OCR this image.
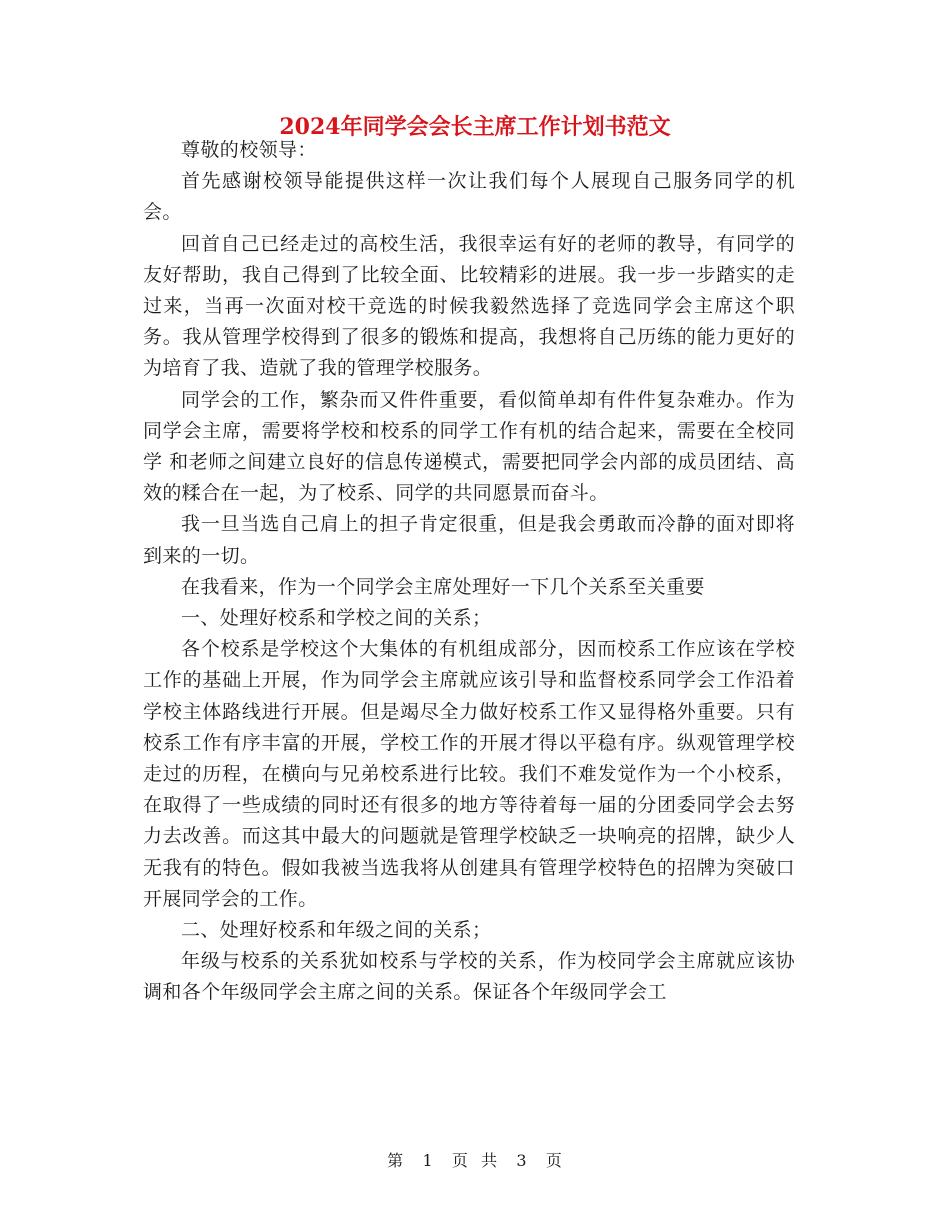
2024年同学会会长主席工作计划书范文

尊敬的校领导：

首先感谢校领导能提供这样一次让我们每个人展现自己服务同学的机会。

回首自己已经走过的高校生活，我很幸运有好的老师的教导，有同学的友好帮助，我自己得到了比较全面、比较精彩的进展。我一步一步踏实的走过来，当再一次面对校干竞选的时候我毅然选择了竞选同学会主席这个职务。我从管理学校得到了很多的锻炼和提高，我想将自己历练的能力更好的为培育了我、造就了我的管理学校服务。

同学会的工作，繁杂而又件件重要，看似简单却有件件复杂难办。作为同学会主席，需要将学校和校系的同学工作有机的结合起来，需要在全校同学 和老师之间建立良好的信息传递模式，需要把同学会内部的成员团结、高效的糅合在一起，为了校系、同学的共同愿景而奋斗。

我一旦当选自己肩上的担子肯定很重，但是我会勇敢而冷静的面对即将到来的一切。

在我看来，作为一个同学会主席处理好一下几个关系至关重要

一、处理好校系和学校之间的关系；

各个校系是学校这个大集体的有机组成部分，因而校系工作应该在学校工作的基础上开展，作为同学会主席就应该引导和监督校系同学会工作沿着学校主体路线进行开展。但是竭尽全力做好校系工作又显得格外重要。只有校系工作有序丰富的开展，学校工作的开展才得以平稳有序。纵观管理学校走过的历程，在横向与兄弟校系进行比较。我们不难发觉作为一个小校系，在取得了一些成绩的同时还有很多的地方等待着每一届的分团委同学会去努力去改善。而这其中最大的问题就是管理学校缺乏一块响亮的招牌，缺少人无我有的特色。假如我被当选我将从创建具有管理学校特色的招牌为突破口开展同学会的工作。

二、处理好校系和年级之间的关系；

年级与校系的关系犹如校系与学校的关系，作为校同学会主席就应该协调和各个年级同学会主席之间的关系。保证各个年级同学会工

第 1 页  共 3 页
